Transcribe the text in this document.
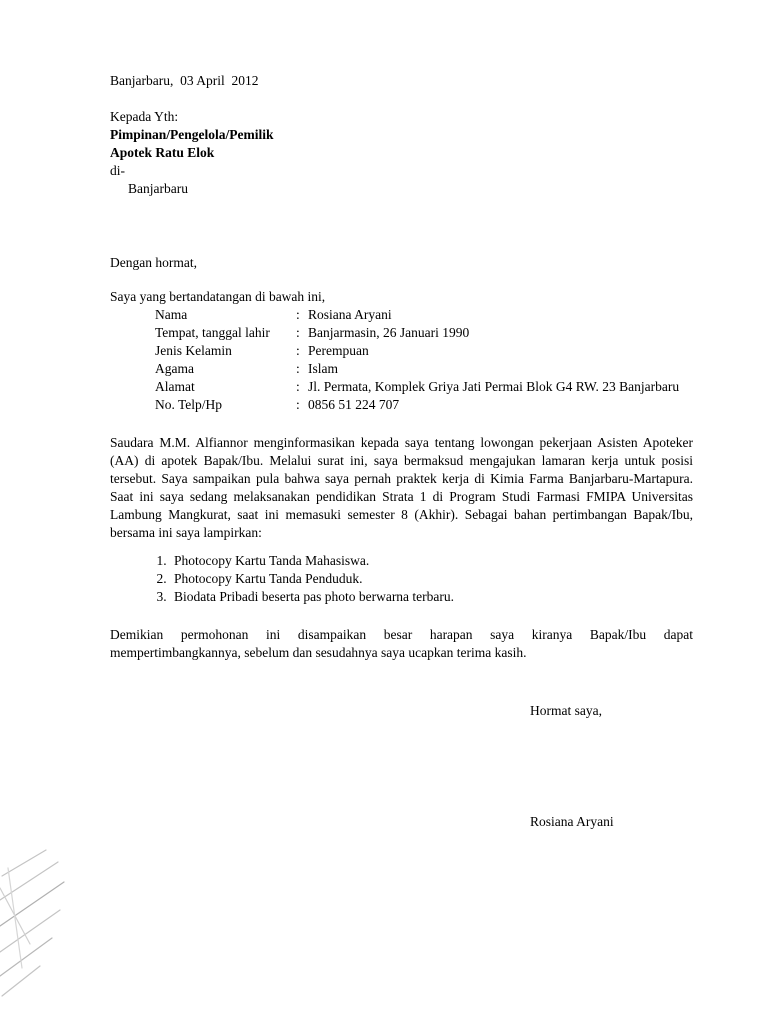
Banjarbaru,  03 April  2012
Kepada Yth:
Pimpinan/Pengelola/Pemilik
Apotek Ratu Elok
di-
Banjarbaru
Dengan hormat,
Saya yang bertandatangan di bawah ini,
Nama	: Rosiana Aryani
Tempat, tanggal lahir	: Banjarmasin, 26 Januari 1990
Jenis Kelamin	: Perempuan
Agama	: Islam
Alamat	: Jl. Permata, Komplek Griya Jati Permai Blok G4 RW. 23 Banjarbaru
No. Telp/Hp	: 0856 51 224 707

Saudara M.M. Alfiannor menginformasikan kepada saya tentang lowongan pekerjaan Asisten Apoteker (AA) di apotek Bapak/Ibu. Melalui surat ini, saya bermaksud mengajukan lamaran kerja untuk posisi tersebut. Saya sampaikan pula bahwa saya pernah praktek kerja di Kimia Farma Banjarbaru-Martapura. Saat ini saya sedang melaksanakan pendidikan Strata 1 di Program Studi Farmasi FMIPA Universitas Lambung Mangkurat, saat ini memasuki semester 8 (Akhir). Sebagai bahan pertimbangan Bapak/Ibu, bersama ini saya lampirkan:

1. Photocopy Kartu Tanda Mahasiswa.
2. Photocopy Kartu Tanda Penduduk.
3. Biodata Pribadi beserta pas photo berwarna terbaru.

Demikian permohonan ini disampaikan besar harapan saya kiranya Bapak/Ibu dapat mempertimbangkannya, sebelum dan sesudahnya saya ucapkan terima kasih.

Hormat saya,
Rosiana Aryani
